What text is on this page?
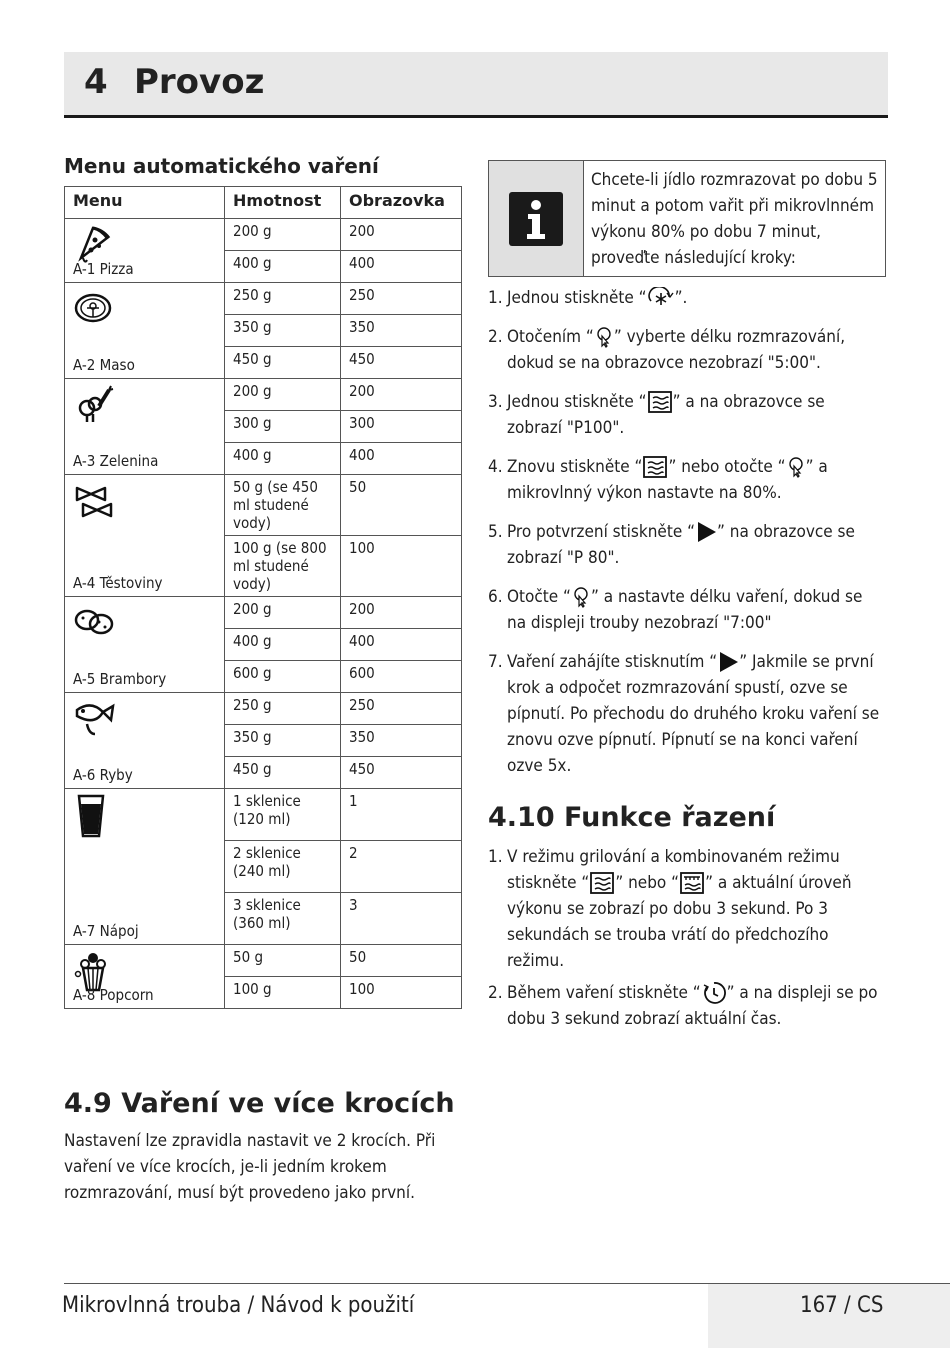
4 Provoz
Menu automatického vaření
Menu	Hmotnost	Obrazovka

A-1 Pizza	200 g	200
	400 g	400

A-2 Maso	250 g	250
	350 g	350
	450 g	450

A-3 Zelenina	200 g	200
	300 g	300
	400 g	400

A-4 Těstoviny	50 g (se 450 ml studené vody)	50
	100 g (se 800 ml studené vody)	100

A-5 Brambory	200 g	200
	400 g	400
	600 g	600

A-6 Ryby	250 g	250
	350 g	350
	450 g	450

A-7 Nápoj	1 sklenice (120 ml)	1
	2 sklenice (240 ml)	2
	3 sklenice (360 ml)	3

A-8 Popcorn	50 g	50
	100 g	100
4.9 Vaření ve více krocích
Nastavení lze zpravidla nastavit ve 2 krocích. Při vaření ve více krocích, je-li jedním krokem rozmrazování, musí být provedeno jako první.
Chcete-li jídlo rozmrazovat po dobu 5 minut a potom vařit při mikrovlnném výkonu 80% po dobu 7 minut, proveďte následující kroky:
1. Jednou stiskněte “ ”.
2. Otočením “ ” vyberte délku rozmrazování, dokud se na obrazovce nezobrazí "5:00".
3. Jednou stiskněte “ ” a na obrazovce se zobrazí "P100".
4. Znovu stiskněte “ ” nebo otočte “ ” a mikrovlnný výkon nastavte na 80%.
5. Pro potvrzení stiskněte “ ” na obrazovce se zobrazí "P 80".
6. Otočte “ ” a nastavte délku vaření, dokud se na displeji trouby nezobrazí "7:00"
7. Vaření zahájíte stisknutím “ ” Jakmile se první krok a odpočet rozmrazování spustí, ozve se pípnutí. Po přechodu do druhého kroku vaření se znovu ozve pípnutí. Pípnutí se na konci vaření ozve 5x.
4.10 Funkce řazení
1. V režimu grilování a kombinovaném režimu stiskněte “ ” nebo “ ” a aktuální úroveň výkonu se zobrazí po dobu 3 sekund. Po 3 sekundách se trouba vrátí do předchozího režimu.
2. Během vaření stiskněte “ ” a na displeji se po dobu 3 sekund zobrazí aktuální čas.
Mikrovlnná trouba / Návod k použití	167 / CS
